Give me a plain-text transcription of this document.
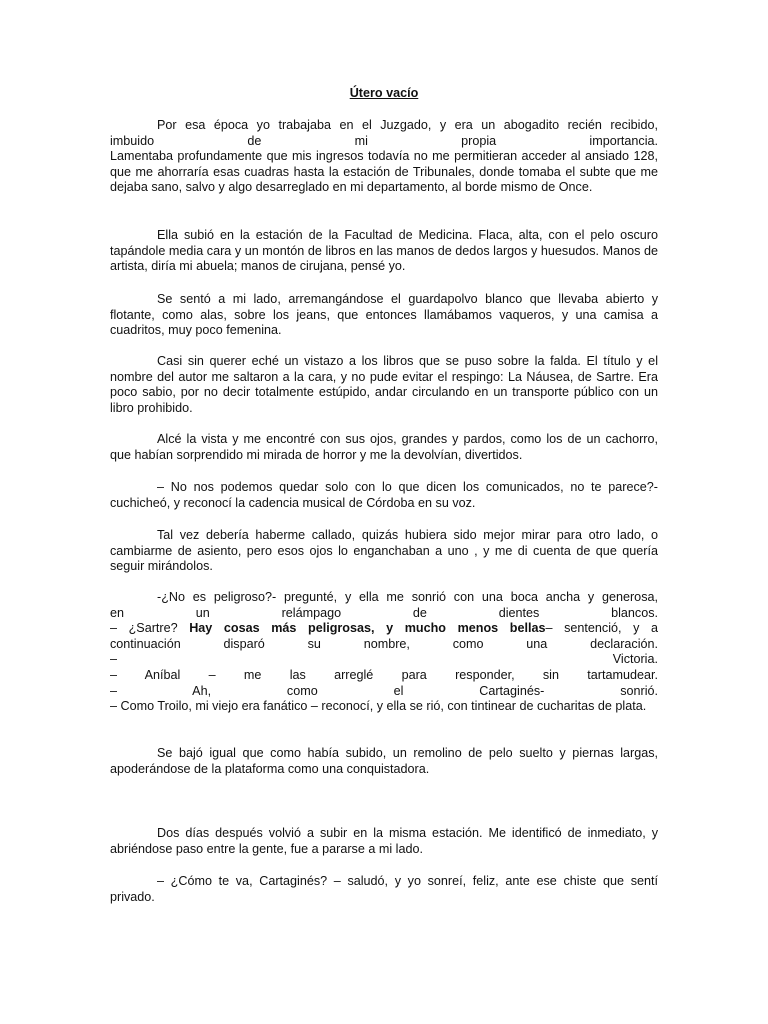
Útero vacío
Por esa época yo trabajaba en el Juzgado, y era un abogadito recién recibido,
imbuido de mi propia importancia.

Lamentaba profundamente que mis ingresos todavía no me permitieran acceder al ansiado 128, que me ahorraría esas cuadras hasta la estación de Tribunales, donde tomaba el subte que me dejaba sano, salvo y algo desarreglado en mi departamento, al borde mismo de Once.

Ella subió en la estación de la Facultad de Medicina. Flaca, alta, con el pelo oscuro tapándole media cara y un montón de libros en las manos de dedos largos y huesudos. Manos de artista, diría mi abuela; manos de cirujana, pensé yo.

Se sentó a mi lado, arremangándose el guardapolvo blanco que llevaba abierto y flotante, como alas, sobre los jeans, que entonces llamábamos vaqueros, y una camisa a cuadritos, muy poco femenina.

Casi sin querer eché un vistazo a los libros que se puso sobre la falda. El título y el nombre del autor me saltaron a la cara, y no pude evitar el respingo: La Náusea, de Sartre. Era poco sabio, por no decir totalmente estúpido, andar circulando en un transporte público con un libro prohibido.

Alcé la vista y me encontré con sus ojos, grandes y pardos, como los de un cachorro, que habían sorprendido mi mirada de horror y me la devolvían, divertidos.

– No nos podemos quedar solo con lo que dicen los comunicados, no te parece?- cuchicheó, y reconocí la cadencia musical de Córdoba en su voz.

Tal vez debería haberme callado, quizás hubiera sido mejor mirar para otro lado, o cambiarme de asiento, pero esos ojos lo enganchaban a uno , y me di cuenta de que quería seguir mirándolos.

-¿No es peligroso?- pregunté, y ella me sonrió con una boca ancha y generosa,
en un relámpago de dientes blancos.
– ¿Sartre? Hay cosas más peligrosas, y mucho menos bellas– sentenció, y a
continuación disparó su nombre, como una declaración.
– Victoria.
– Aníbal – me las arreglé para responder, sin tartamudear.
– Ah, como el Cartaginés- sonrió.

– Como Troilo, mi viejo era fanático – reconocí, y ella se rió, con tintinear de cucharitas de plata.

Se bajó igual que como había subido, un remolino de pelo suelto y piernas largas, apoderándose de la plataforma como una conquistadora.

Dos días después volvió a subir en la misma estación. Me identificó de inmediato, y abriéndose paso entre la gente, fue a pararse a mi lado.

– ¿Cómo te va, Cartaginés? – saludó, y yo sonreí, feliz, ante ese chiste que sentí privado.
